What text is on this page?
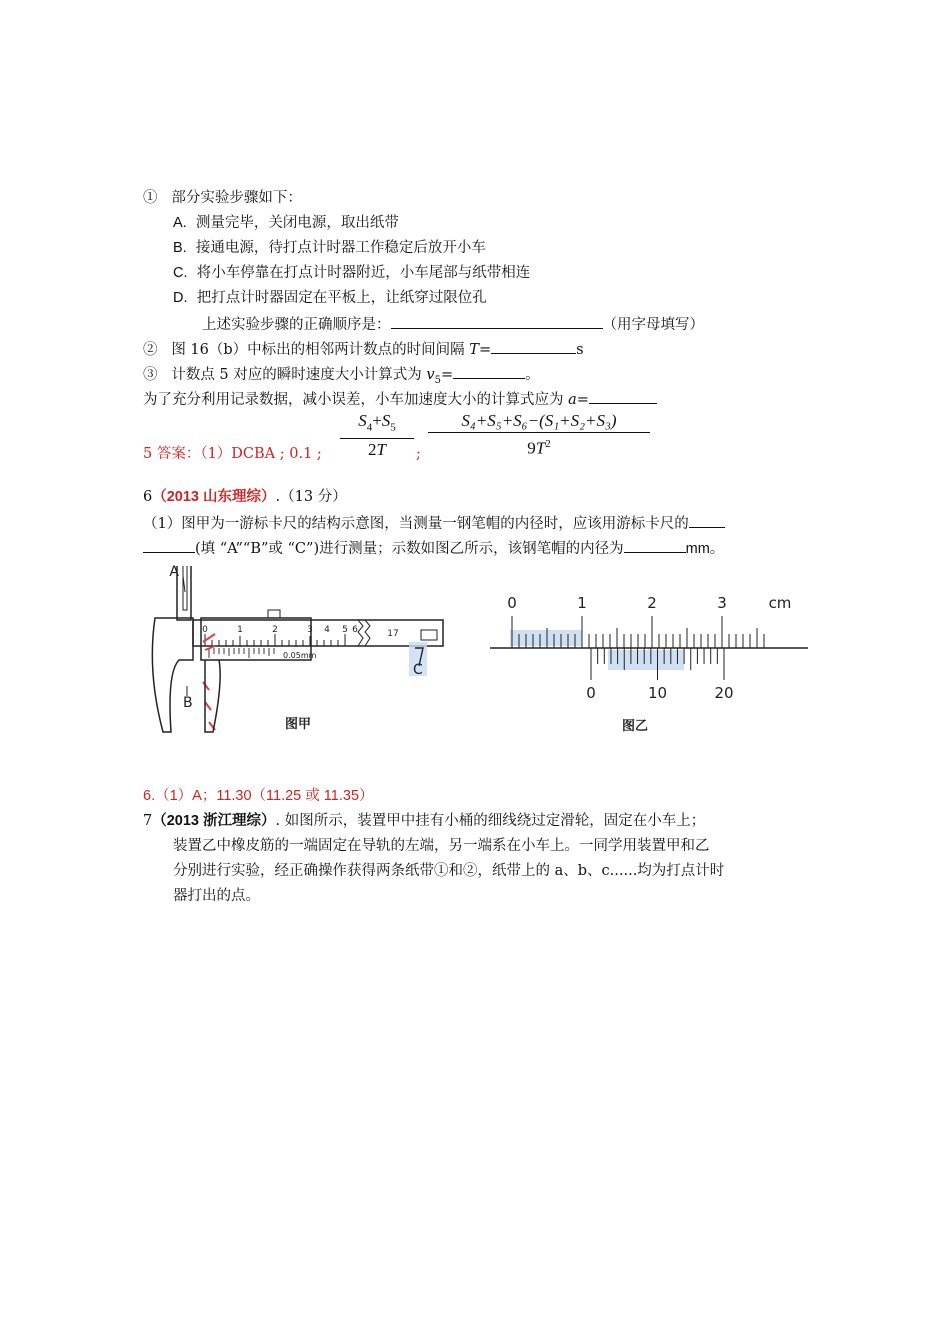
① 部分实验步骤如下：
A. 测量完毕，关闭电源，取出纸带
B. 接通电源，待打点计时器工作稳定后放开小车
C. 将小车停靠在打点计时器附近，小车尾部与纸带相连
D. 把打点计时器固定在平板上，让纸穿过限位孔
上述实验步骤的正确顺序是：	（用字母填写）
② 图 16（b）中标出的相邻两计数点的时间间隔 T=	s
③ 计数点 5 对应的瞬时速度大小计算式为 $v_5=$	。
为了充分利用记录数据，减小误差，小车加速度大小的计算式应为 a=
$S_4+S_5$
2T
S₄+S₅+S₆−(S₁+S₂+S₃)
$9T^2$
5 答案：（1）DCBA ; 0.1 ;	;
6（2013 山东理综）.（13 分）
（1）图甲为一游标卡尺的结构示意图，当测量一钢笔帽的内径时，应该用游标卡尺的
(填 “A”“B”或 “C”)进行测量；示数如图乙所示，该钢笔帽的内径为	mm。
0	1	2	3 4 5 6	17
C
A
0.05mm
B
图甲
0	1	2	3	cm
0	10	20
图乙
6.（1）A；11.30（11.25 或 11.35）
7（2013 浙江理综）. 如图所示，装置甲中挂有小桶的细线绕过定滑轮，固定在小车上；
装置乙中橡皮筋的一端固定在导轨的左端，另一端系在小车上。一同学用装置甲和乙
分别进行实验，经正确操作获得两条纸带①和②，纸带上的 a、b、c......均为打点计时
器打出的点。
